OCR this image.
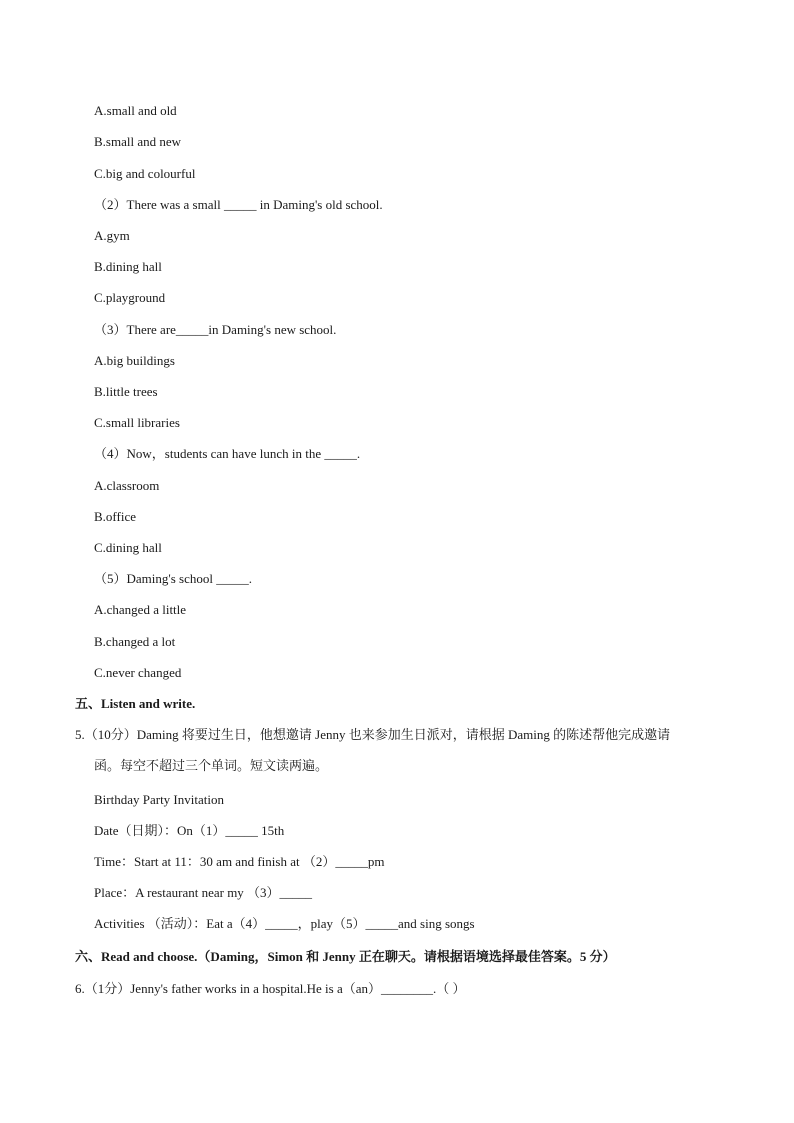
A.small and old
B.small and new
C.big and colourful
（2）There was a small _____ in Daming's old school.
A.gym
B.dining hall
C.playground
（3）There are_____in Daming's new school.
A.big buildings
B.little trees
C.small libraries
（4）Now，students can have lunch in the _____.
A.classroom
B.office
C.dining hall
（5）Daming's school _____.
A.changed a little
B.changed a lot
C.never changed
五、Listen and write.
5.（10分）Daming 将要过生日，他想邀请 Jenny 也来参加生日派对，请根据 Daming 的陈述帮他完成邀请
函。每空不超过三个单词。短文读两遍。
Birthday Party Invitation
Date（日期）：On（1）_____ 15th
Time：Start at 11：30 am and finish at （2）_____pm
Place：A restaurant near my （3）_____
Activities （活动）：Eat a（4）_____，play（5）_____and sing songs
六、Read and choose.（Daming，Simon 和 Jenny 正在聊天。请根据语境选择最佳答案。5 分）
6.（1分）Jenny's father works in a hospital.He is a（an）________.（ ）
